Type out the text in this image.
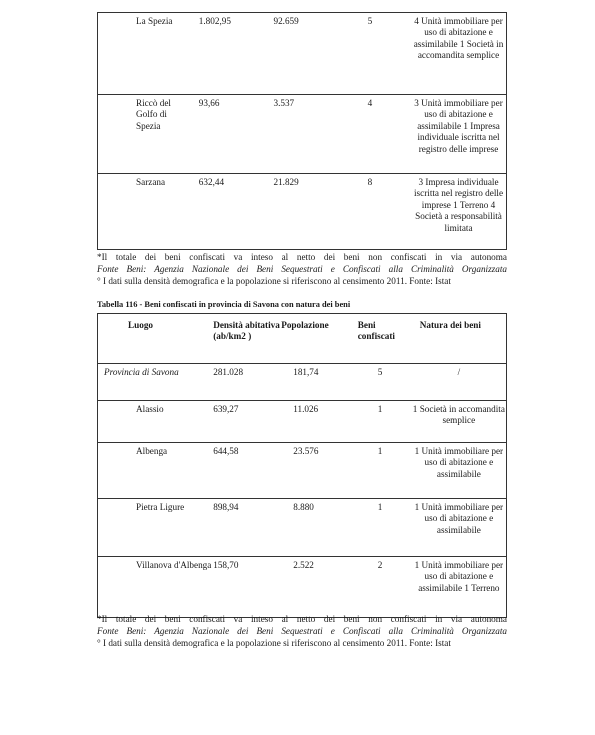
La Spezia	1.802,95	92.659	5	4 Unità immobiliare per uso di abitazione e assimilabile 1 Società in accomandita semplice
Riccò del Golfo di Spezia	93,66	3.537	4	3 Unità immobiliare per uso di abitazione e assimilabile 1 Impresa individuale iscritta nel registro delle imprese
Sarzana	632,44	21.829	8	3 Impresa individuale iscritta nel registro delle imprese 1 Terreno 4 Società a responsabilità limitata
*Il totale dei beni confiscati va inteso al netto dei beni non confiscati in via autonoma
Fonte Beni: Agenzia Nazionale dei Beni Sequestrati e Confiscati alla Criminalità Organizzata
° I dati sulla densità demografica e la popolazione si riferiscono al censimento 2011. Fonte: Istat
Tabella 116 - Beni confiscati in provincia di Savona con natura dei beni
Luogo	Densità abitativa (ab/km2 )	Popolazione	Beni confiscati	Natura dei beni
Provincia di Savona	281.028	181,74	5	/
Alassio	639,27	11.026	1	1 Società in accomandita semplice
Albenga	644,58	23.576	1	1 Unità immobiliare per uso di abitazione e assimilabile
Pietra Ligure	898,94	8.880	1	1 Unità immobiliare per uso di abitazione e assimilabile
Villanova d'Albenga	158,70	2.522	2	1 Unità immobiliare per uso di abitazione e assimilabile 1 Terreno
*Il totale dei beni confiscati va inteso al netto dei beni non confiscati in via autonoma
Fonte Beni: Agenzia Nazionale dei Beni Sequestrati e Confiscati alla Criminalità Organizzata
° I dati sulla densità demografica e la popolazione si riferiscono al censimento 2011. Fonte: Istat
